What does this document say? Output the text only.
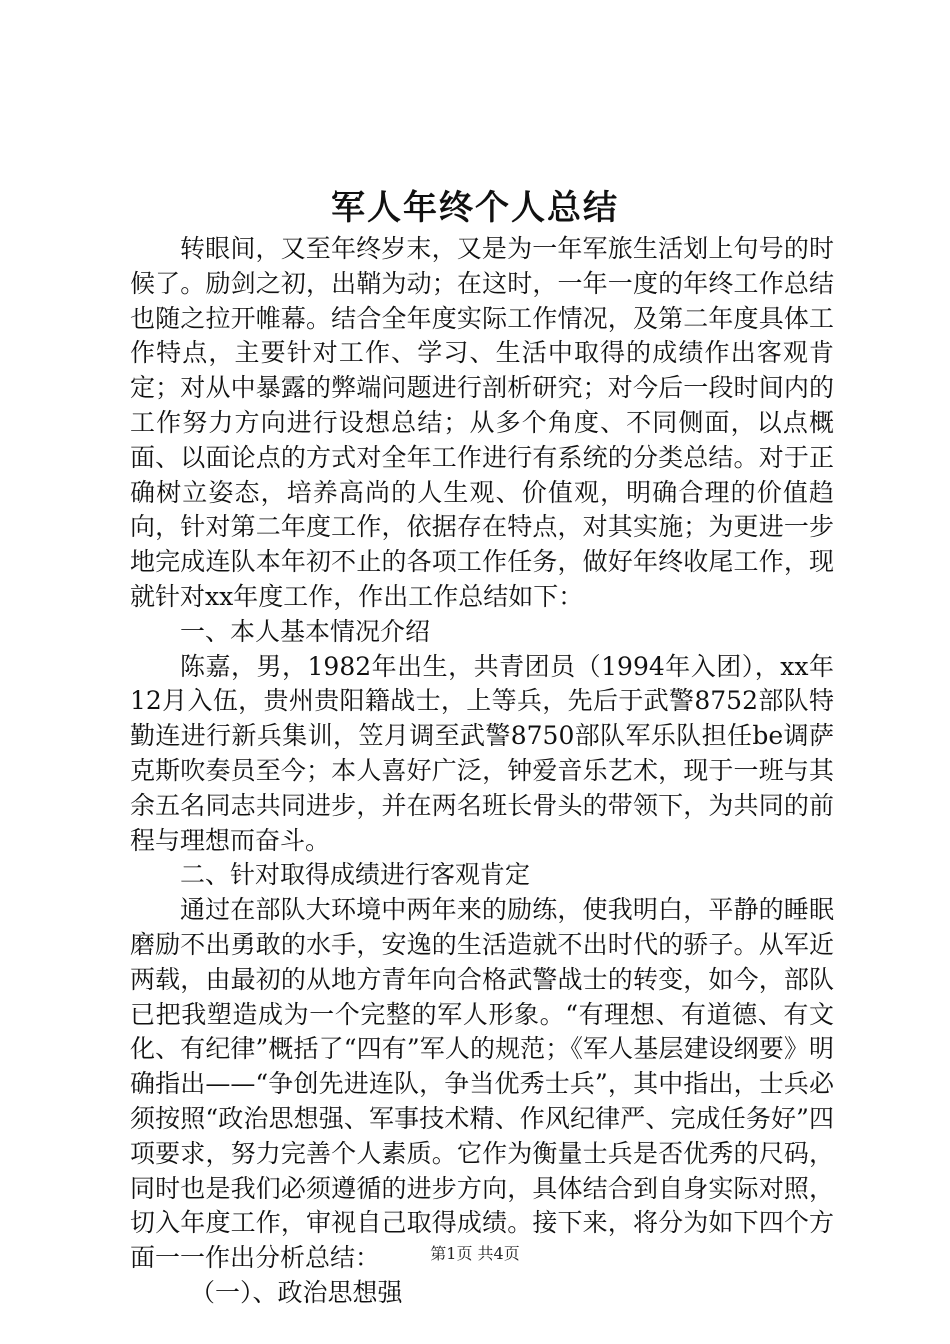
军人年终个人总结

转眼间，又至年终岁末，又是为一年军旅生活划上句号的时候了。励剑之初，出鞘为动；在这时，一年一度的年终工作总结也随之拉开帷幕。结合全年度实际工作情况，及第二年度具体工作特点，主要针对工作、学习、生活中取得的成绩作出客观肯定；对从中暴露的弊端问题进行剖析研究；对今后一段时间内的工作努力方向进行设想总结；从多个角度、不同侧面，以点概面、以面论点的方式对全年工作进行有系统的分类总结。对于正确树立姿态，培养高尚的人生观、价值观，明确合理的价值趋向，针对第二年度工作，依据存在特点，对其实施；为更进一步地完成连队本年初不止的各项工作任务，做好年终收尾工作，现就针对xx年度工作，作出工作总结如下：

一、本人基本情况介绍

陈嘉，男，1982年出生，共青团员（1994年入团），xx年12月入伍，贵州贵阳籍战士，上等兵，先后于武警8752部队特勤连进行新兵集训，笠月调至武警8750部队军乐队担任be调萨克斯吹奏员至今；本人喜好广泛，钟爱音乐艺术，现于一班与其余五名同志共同进步，并在两名班长骨头的带领下，为共同的前程与理想而奋斗。

二、针对取得成绩进行客观肯定

通过在部队大环境中两年来的励练，使我明白，平静的睡眠磨励不出勇敢的水手，安逸的生活造就不出时代的骄子。从军近两载，由最初的从地方青年向合格武警战士的转变，如今，部队已把我塑造成为一个完整的军人形象。“有理想、有道德、有文化、有纪律”概括了“四有”军人的规范；《军人基层建设纲要》明确指出——“争创先进连队，争当优秀士兵”，其中指出，士兵必须按照“政治思想强、军事技术精、作风纪律严、完成任务好”四项要求，努力完善个人素质。它作为衡量士兵是否优秀的尺码，同时也是我们必须遵循的进步方向，具体结合到自身实际对照，切入年度工作，审视自己取得成绩。接下来，将分为如下四个方面一一作出分析总结：

（一）、政治思想强

第1页 共4页
